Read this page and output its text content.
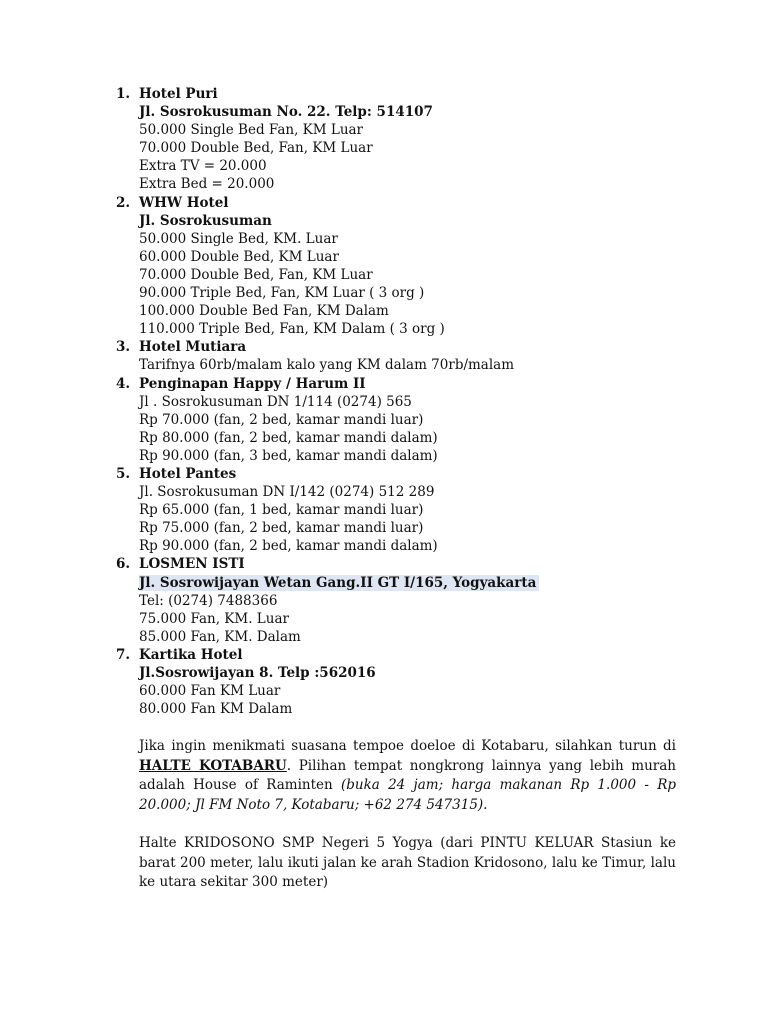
1. Hotel Puri
Jl. Sosrokusuman No. 22. Telp: 514107
50.000 Single Bed Fan, KM Luar
70.000 Double Bed, Fan, KM Luar
Extra TV = 20.000
Extra Bed = 20.000
2. WHW Hotel
Jl. Sosrokusuman
50.000 Single Bed, KM. Luar
60.000 Double Bed, KM Luar
70.000 Double Bed, Fan, KM Luar
90.000 Triple Bed, Fan, KM Luar ( 3 org )
100.000 Double Bed Fan, KM Dalam
110.000 Triple Bed, Fan, KM Dalam ( 3 org )
3. Hotel Mutiara
Tarifnya 60rb/malam kalo yang KM dalam 70rb/malam
4. Penginapan Happy / Harum II
Jl . Sosrokusuman DN 1/114 (0274) 565
Rp 70.000 (fan, 2 bed, kamar mandi luar)
Rp 80.000 (fan, 2 bed, kamar mandi dalam)
Rp 90.000 (fan, 3 bed, kamar mandi dalam)
5. Hotel Pantes
Jl. Sosrokusuman DN I/142 (0274) 512 289
Rp 65.000 (fan, 1 bed, kamar mandi luar)
Rp 75.000 (fan, 2 bed, kamar mandi luar)
Rp 90.000 (fan, 2 bed, kamar mandi dalam)
6. LOSMEN ISTI
Jl. Sosrowijayan Wetan Gang.II GT I/165, Yogyakarta
Tel: (0274) 7488366
75.000 Fan, KM. Luar
85.000 Fan, KM. Dalam
7. Kartika Hotel
Jl.Sosrowijayan 8. Telp :562016
60.000 Fan KM Luar
80.000 Fan KM Dalam

Jika ingin menikmati suasana tempoe doeloe di Kotabaru, silahkan turun di HALTE KOTABARU. Pilihan tempat nongkrong lainnya yang lebih murah adalah House of Raminten (buka 24 jam; harga makanan Rp 1.000 - Rp 20.000; Jl FM Noto 7, Kotabaru; +62 274 547315).

Halte KRIDOSONO SMP Negeri 5 Yogya (dari PINTU KELUAR Stasiun ke barat 200 meter, lalu ikuti jalan ke arah Stadion Kridosono, lalu ke Timur, lalu ke utara sekitar 300 meter)
